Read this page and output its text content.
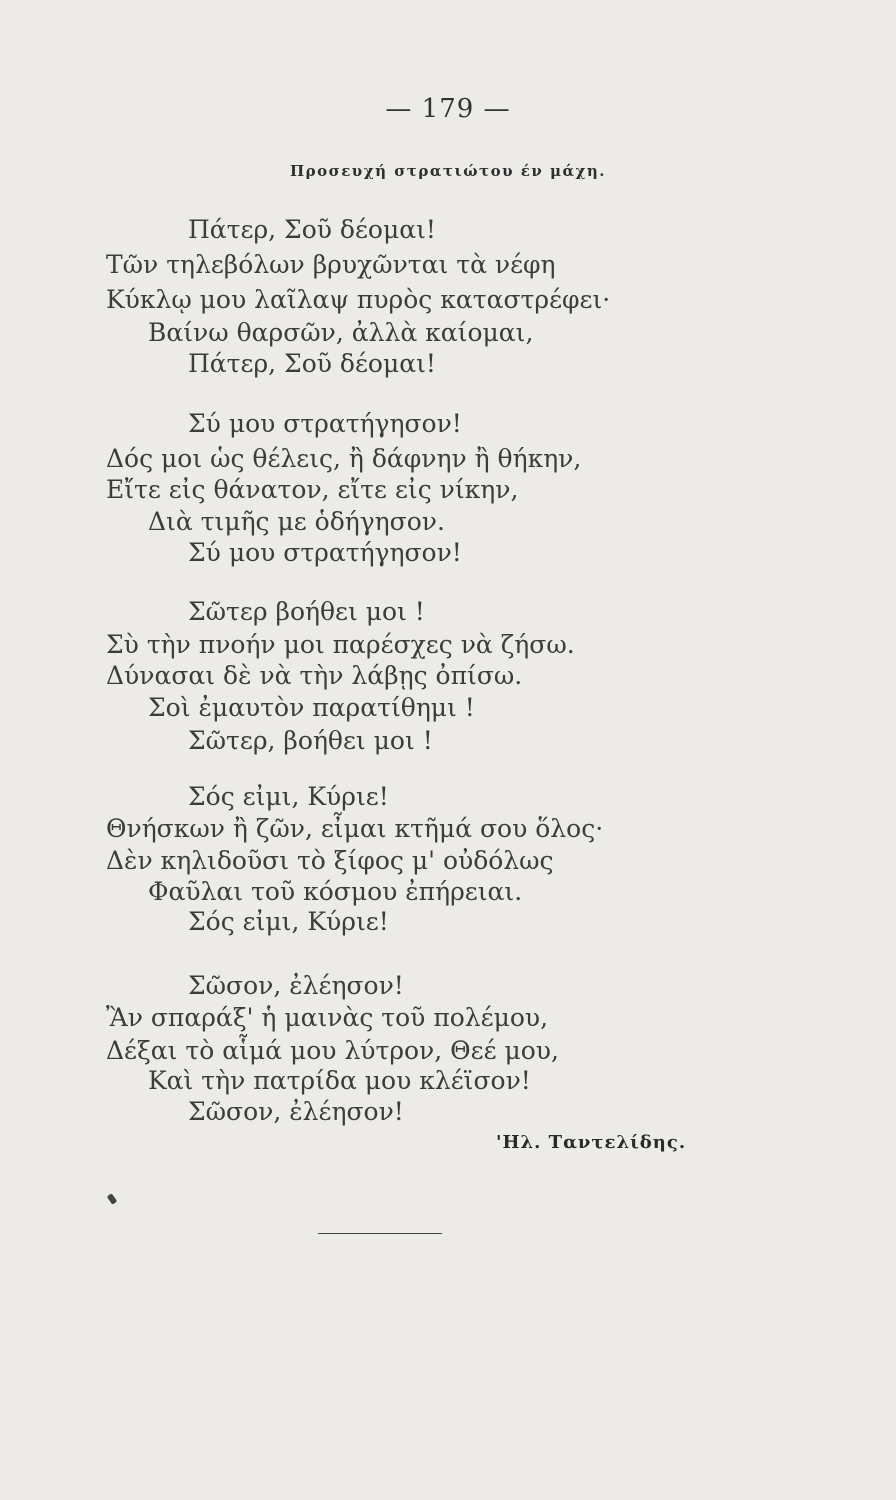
— 179 —
Προσευχή στρατιώτου έν μάχη.
Πάτερ, Σοῦ δέομαι!
Τῶν τηλεβόλων βρυχῶνται τὰ νέφη
Κύκλῳ μου λαῖλαψ πυρὸς καταστρέφει·
Βαίνω θαρσῶν, ἀλλὰ καίομαι,
Πάτερ, Σοῦ δέομαι!
Σύ μου στρατήγησον!
Δός μοι ὡς θέλεις, ἢ δάφνην ἢ θήκην,
Εἴτε εἰς θάνατον, εἴτε εἰς νίκην,
Διὰ τιμῆς με ὁδήγησον.
Σύ μου στρατήγησον!
Σῶτερ βοήθει μοι !
Σὺ τὴν πνοήν μοι παρέσχες νὰ ζήσω.
Δύνασαι δὲ νὰ τὴν λάβῃς ὀπίσω.
Σοὶ ἐμαυτὸν παρατίθημι !
Σῶτερ, βοήθει μοι !
Σός εἰμι, Κύριε!
Θνήσκων ἢ ζῶν, εἶμαι κτῆμά σου ὅλος·
Δὲν κηλιδοῦσι τὸ ξίφος μ' οὐδόλως
Φαῦλαι τοῦ κόσμου ἐπήρειαι.
Σός εἰμι, Κύριε!
Σῶσον, ἐλέησον!
Ἂν σπαράξ' ἡ μαινὰς τοῦ πολέμου,
Δέξαι τὸ αἷμά μου λύτρον, Θεέ μου,
Καὶ τὴν πατρίδα μου κλέϊσον!
Σῶσον, ἐλέησον!
'Ηλ. Ταντελίδης.
